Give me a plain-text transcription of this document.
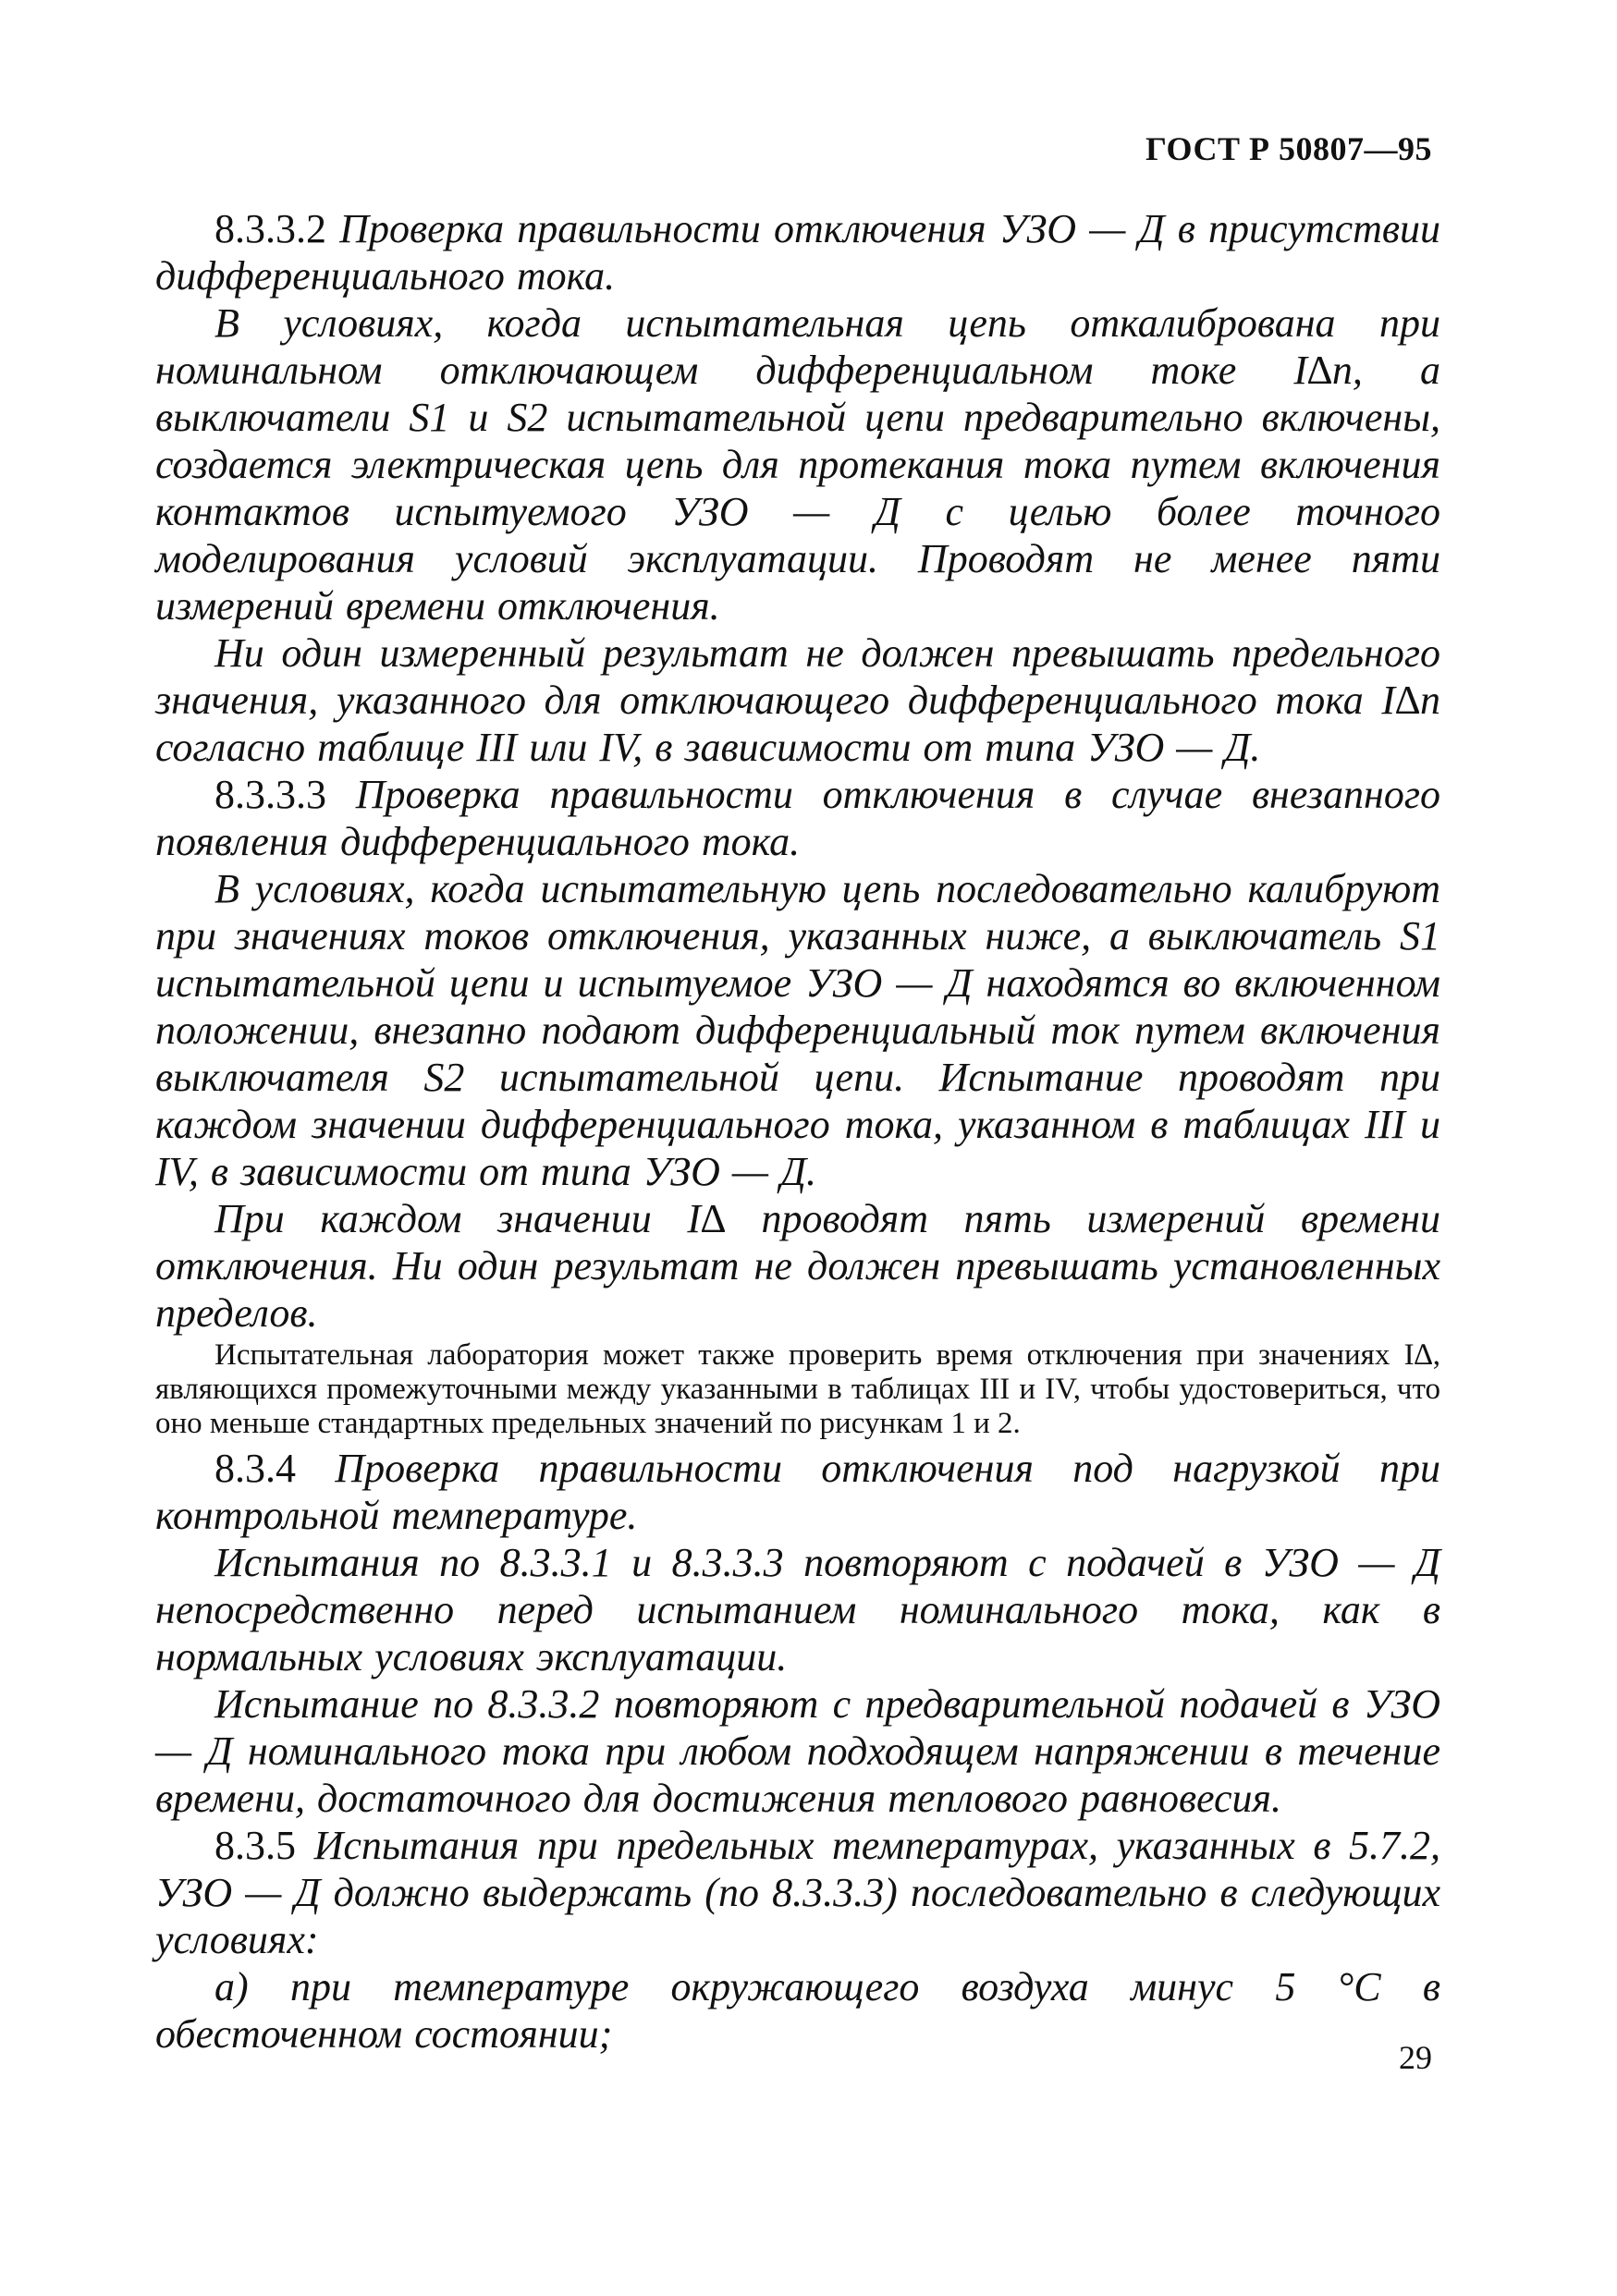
ГОСТ Р 50807—95

8.3.3.2 Проверка правильности отключения УЗО — Д в присутствии дифференциального тока.

В условиях, когда испытательная цепь откалиброванa при номинальном отключающем дифференциальном токе I∆n, а выключатели S1 и S2 испытательной цепи предварительно включены, создается электрическая цепь для протекания тока путем включения контактов испытуемого УЗО — Д с целью более точного моделирования условий эксплуатации. Проводят не менее пяти измерений времени отключения.

Ни один измеренный результат не должен превышать предельного значения, указанного для отключающего дифференциального тока I∆n согласно таблице III или IV, в зависимости от типа УЗО — Д.

8.3.3.3 Проверка правильности отключения в случае внезапного появления дифференциального тока.

В условиях, когда испытательную цепь последовательно калибруют при значениях токов отключения, указанных ниже, а выключатель S1 испытательной цепи и испытуемое УЗО — Д находятся во включенном положении, внезапно подают дифференциальный ток путем включения выключателя S2 испытательной цепи. Испытание проводят при каждом значении дифференциального тока, указанном в таблицах III и IV, в зависимости от типа УЗО — Д.

При каждом значении I∆ проводят пять измерений времени отключения. Ни один результат не должен превышать установленных пределов.

Испытательная лаборатория может также проверить время отключения при значениях I∆, являющихся промежуточными между указанными в таблицах III и IV, чтобы удостовериться, что оно меньше стандартных предельных значений по рисункам 1 и 2.

8.3.4 Проверка правильности отключения под нагрузкой при контрольной температуре.

Испытания по 8.3.3.1 и 8.3.3.3 повторяют с подачей в УЗО — Д непосредственно перед испытанием номинального тока, как в нормальных условиях эксплуатации.

Испытание по 8.3.3.2 повторяют с предварительной подачей в УЗО — Д номинального тока при любом подходящем напряжении в течение времени, достаточного для достижения теплового равновесия.

8.3.5 Испытания при предельных температурах, указанных в 5.7.2, УЗО — Д должно выдержать (по 8.3.3.3) последовательно в следующих условиях:

а) при температуре окружающего воздуха минус 5 °С в обесточенном состоянии;

29
